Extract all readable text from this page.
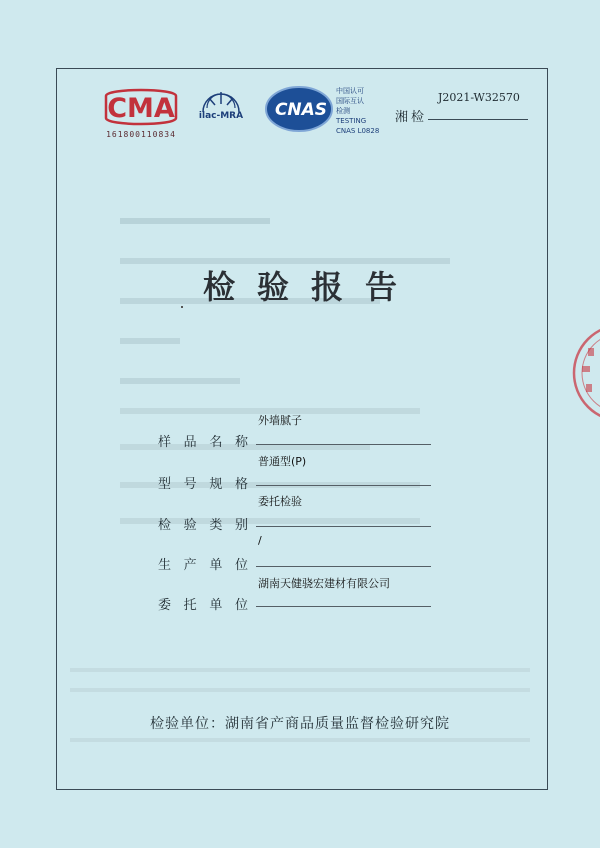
CMA
161800110834
ilac-MRA CNAS
中国认可
国际互认
检测
TESTING
CNAS L0828
J2021-W32570
湘检
检验报告
外墙腻子
样 品 名 称
普通型(P)
型 号 规 格
委托检验
检 验 类 别
/
生 产 单 位
湖南天健骁宏建材有限公司
委 托 单 位
检验单位：湖南省产商品质量监督检验研究院
